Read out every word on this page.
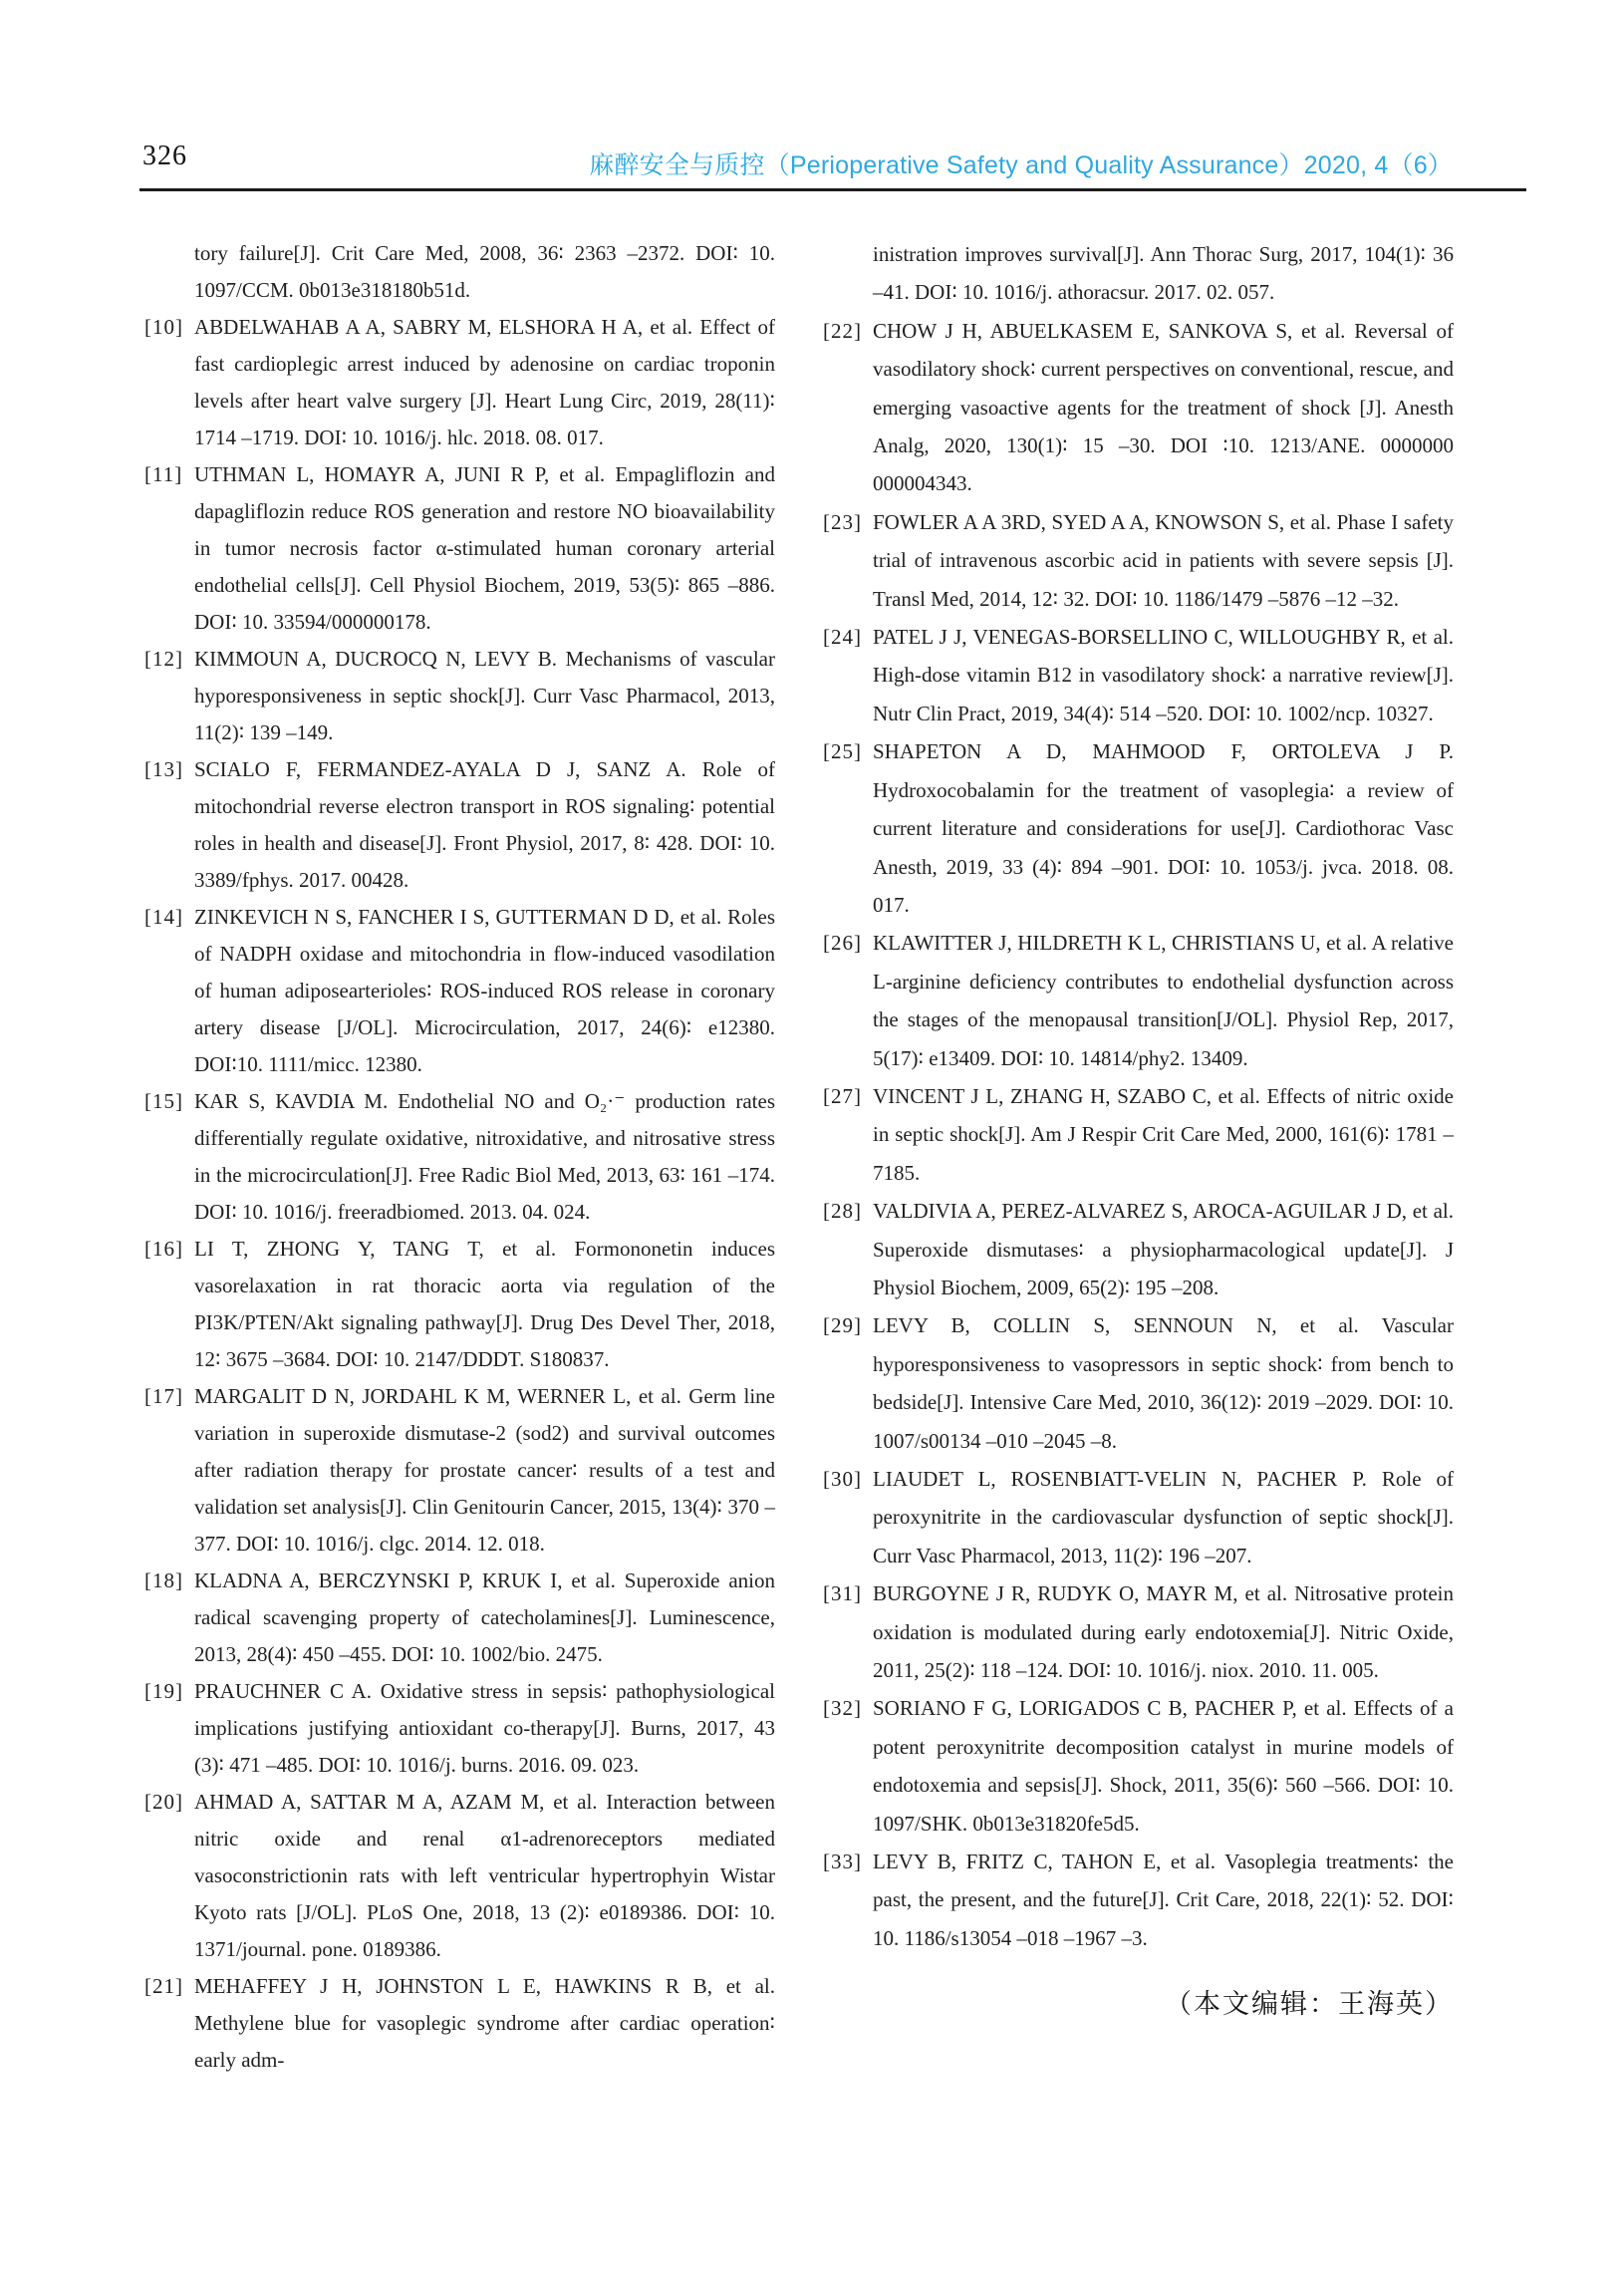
326	麻醉安全与质控（Perioperative Safety and Quality Assurance）2020, 4（6）

tory failure[J]. Crit Care Med, 2008, 36∶ 2363 –2372. DOI∶ 10. 1097/CCM. 0b013e318180b51d.

[10] ABDELWAHAB A A, SABRY M, ELSHORA H A, et al. Effect of fast cardioplegic arrest induced by adenosine on cardiac troponin levels after heart valve surgery [J]. Heart Lung Circ, 2019, 28(11)∶ 1714 –1719. DOI∶ 10. 1016/j. hlc. 2018. 08. 017.

[11] UTHMAN L, HOMAYR A, JUNI R P, et al. Empagliflozin and dapagliflozin reduce ROS generation and restore NO bioavailability in tumor necrosis factor α-stimulated human coronary arterial endothelial cells[J]. Cell Physiol Biochem, 2019, 53(5)∶ 865 –886. DOI∶ 10. 33594/000000178.

[12] KIMMOUN A, DUCROCQ N, LEVY B. Mechanisms of vascular hyporesponsiveness in septic shock[J]. Curr Vasc Pharmacol, 2013, 11(2)∶ 139 –149.

[13] SCIALO F, FERMANDEZ-AYALA D J, SANZ A. Role of mitochondrial reverse electron transport in ROS signaling∶ potential roles in health and disease[J]. Front Physiol, 2017, 8∶ 428. DOI∶ 10. 3389/fphys. 2017. 00428.

[14] ZINKEVICH N S, FANCHER I S, GUTTERMAN D D, et al. Roles of NADPH oxidase and mitochondria in flow-induced vasodilation of human adiposearterioles∶ ROS-induced ROS release in coronary artery disease [J/OL]. Microcirculation, 2017, 24(6)∶ e12380. DOI∶10. 1111/micc. 12380.

[15] KAR S, KAVDIA M. Endothelial NO and O₂·⁻ production rates differentially regulate oxidative, nitroxidative, and nitrosative stress in the microcirculation[J]. Free Radic Biol Med, 2013, 63∶ 161 –174. DOI∶ 10. 1016/j. freeradbiomed. 2013. 04. 024.

[16] LI T, ZHONG Y, TANG T, et al. Formononetin induces vasorelaxation in rat thoracic aorta via regulation of the PI3K/PTEN/Akt signaling pathway[J]. Drug Des Devel Ther, 2018, 12∶ 3675 –3684. DOI∶ 10. 2147/DDDT. S180837.

[17] MARGALIT D N, JORDAHL K M, WERNER L, et al. Germ line variation in superoxide dismutase-2 (sod2) and survival outcomes after radiation therapy for prostate cancer∶ results of a test and validation set analysis[J]. Clin Genitourin Cancer, 2015, 13(4)∶ 370 –377. DOI∶ 10. 1016/j. clgc. 2014. 12. 018.

[18] KLADNA A, BERCZYNSKI P, KRUK I, et al. Superoxide anion radical scavenging property of catecholamines[J]. Luminescence, 2013, 28(4)∶ 450 –455. DOI∶ 10. 1002/bio. 2475.

[19] PRAUCHNER C A. Oxidative stress in sepsis∶ pathophysiological implications justifying antioxidant co-therapy[J]. Burns, 2017, 43 (3)∶ 471 –485. DOI∶ 10. 1016/j. burns. 2016. 09. 023.

[20] AHMAD A, SATTAR M A, AZAM M, et al. Interaction between nitric oxide and renal α1-adrenoreceptors mediated vasoconstrictionin rats with left ventricular hypertrophyin Wistar Kyoto rats [J/OL]. PLoS One, 2018, 13 (2)∶ e0189386. DOI∶ 10. 1371/journal. pone. 0189386.

[21] MEHAFFEY J H, JOHNSTON L E, HAWKINS R B, et al. Methylene blue for vasoplegic syndrome after cardiac operation∶ early adm-

inistration improves survival[J]. Ann Thorac Surg, 2017, 104(1)∶ 36 –41. DOI∶ 10. 1016/j. athoracsur. 2017. 02. 057.

[22] CHOW J H, ABUELKASEM E, SANKOVA S, et al. Reversal of vasodilatory shock∶ current perspectives on conventional, rescue, and emerging vasoactive agents for the treatment of shock [J]. Anesth Analg, 2020, 130(1)∶ 15 –30. DOI ∶10. 1213/ANE. 0000000 000004343.

[23] FOWLER A A 3RD, SYED A A, KNOWSON S, et al. Phase I safety trial of intravenous ascorbic acid in patients with severe sepsis [J]. Transl Med, 2014, 12∶ 32. DOI∶ 10. 1186/1479 –5876 –12 –32.

[24] PATEL J J, VENEGAS-BORSELLINO C, WILLOUGHBY R, et al. High-dose vitamin B12 in vasodilatory shock∶ a narrative review[J]. Nutr Clin Pract, 2019, 34(4)∶ 514 –520. DOI∶ 10. 1002/ncp. 10327.

[25] SHAPETON A D, MAHMOOD F, ORTOLEVA J P. Hydroxocobalamin for the treatment of vasoplegia∶ a review of current literature and considerations for use[J]. Cardiothorac Vasc Anesth, 2019, 33 (4)∶ 894 –901. DOI∶ 10. 1053/j. jvca. 2018. 08. 017.

[26] KLAWITTER J, HILDRETH K L, CHRISTIANS U, et al. A relative L-arginine deficiency contributes to endothelial dysfunction across the stages of the menopausal transition[J/OL]. Physiol Rep, 2017, 5(17)∶ e13409. DOI∶ 10. 14814/phy2. 13409.

[27] VINCENT J L, ZHANG H, SZABO C, et al. Effects of nitric oxide in septic shock[J]. Am J Respir Crit Care Med, 2000, 161(6)∶ 1781 –7185.

[28] VALDIVIA A, PEREZ-ALVAREZ S, AROCA-AGUILAR J D, et al. Superoxide dismutases∶ a physiopharmacological update[J]. J Physiol Biochem, 2009, 65(2)∶ 195 –208.

[29] LEVY B, COLLIN S, SENNOUN N, et al. Vascular hyporesponsiveness to vasopressors in septic shock∶ from bench to bedside[J]. Intensive Care Med, 2010, 36(12)∶ 2019 –2029. DOI∶ 10. 1007/s00134 –010 –2045 –8.

[30] LIAUDET L, ROSENBIATT-VELIN N, PACHER P. Role of peroxynitrite in the cardiovascular dysfunction of septic shock[J]. Curr Vasc Pharmacol, 2013, 11(2)∶ 196 –207.

[31] BURGOYNE J R, RUDYK O, MAYR M, et al. Nitrosative protein oxidation is modulated during early endotoxemia[J]. Nitric Oxide, 2011, 25(2)∶ 118 –124. DOI∶ 10. 1016/j. niox. 2010. 11. 005.

[32] SORIANO F G, LORIGADOS C B, PACHER P, et al. Effects of a potent peroxynitrite decomposition catalyst in murine models of endotoxemia and sepsis[J]. Shock, 2011, 35(6)∶ 560 –566. DOI∶ 10. 1097/SHK. 0b013e31820fe5d5.

[33] LEVY B, FRITZ C, TAHON E, et al. Vasoplegia treatments∶ the past, the present, and the future[J]. Crit Care, 2018, 22(1)∶ 52. DOI∶ 10. 1186/s13054 –018 –1967 –3.

（本文编辑：王海英）
